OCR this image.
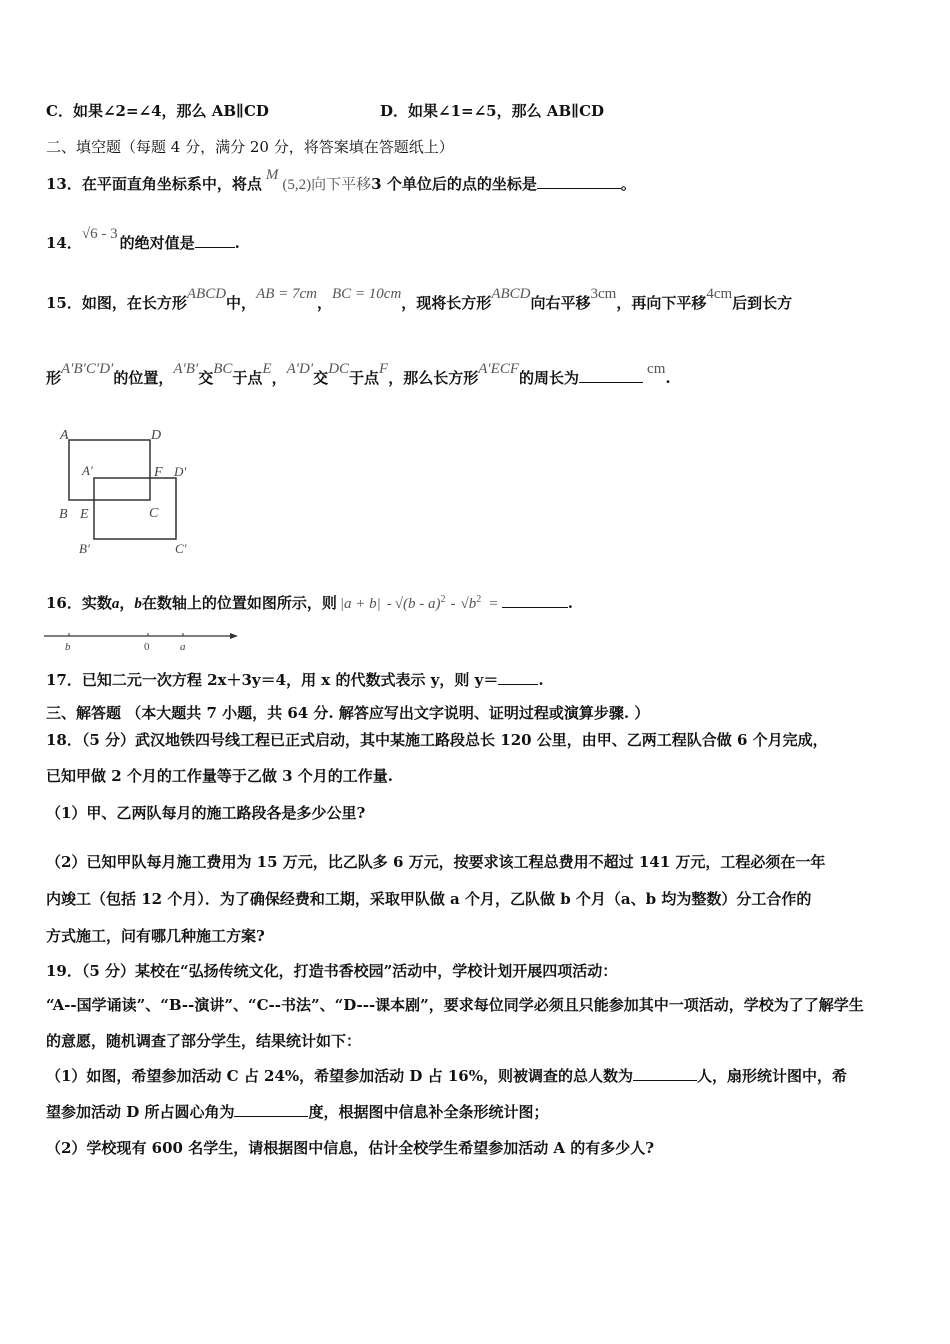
C．如果∠2=∠4，那么 AB∥CD	D．如果∠1=∠5，那么 AB∥CD
二、填空题（每题 4 分，满分 20 分，将答案填在答题纸上）
13．在平面直角坐标系中，将点 M(5,2)向下平移3 个单位后的点的坐标是	。
14．√6 - 3 的绝对值是	.
15．如图，在长方形ABCD中，AB = 7cm，BC = 10cm，现将长方形ABCD向右平移3cm，再向下平移4cm后到长方
形A′B′C′D′的位置，A′B′交BC于点E，A′D′交DC于点F，那么长方形A′ECF的周长为	cm.
A	D
A′	F D′
B E	C
B′	C′
16．实数a，b在数轴上的位置如图所示，则 $|a + b| - √(b - a)^2 - √b^2$ =	.
b	0	a
17．已知二元一次方程 2x＋3y＝4，用 x 的代数式表示 y，则 y＝	.
三、解答题 （本大题共 7 小题，共 64 分. 解答应写出文字说明、证明过程或演算步骤. ）
18．（5 分）武汉地铁四号线工程已正式启动，其中某施工路段总长 120 公里，由甲、乙两工程队合做 6 个月完成，
已知甲做 2 个月的工作量等于乙做 3 个月的工作量.
（1）甲、乙两队每月的施工路段各是多少公里?
（2）已知甲队每月施工费用为 15 万元，比乙队多 6 万元，按要求该工程总费用不超过 141 万元，工程必须在一年
内竣工（包括 12 个月）．为了确保经费和工期，采取甲队做 a 个月，乙队做 b 个月（a、b 均为整数）分工合作的
方式施工，问有哪几种施工方案?
19．（5 分）某校在“弘扬传统文化，打造书香校园”活动中，学校计划开展四项活动：
“A--国学诵读”、“B--演讲”、“C--书法”、“D---课本剧”，要求每位同学必须且只能参加其中一项活动，学校为了了解学生
的意愿，随机调查了部分学生，结果统计如下：
（1）如图，希望参加活动 C 占 24%，希望参加活动 D 占 16%，则被调查的总人数为	人，扇形统计图中，希
望参加活动 D 所占圆心角为	度，根据图中信息补全条形统计图；
（2）学校现有 600 名学生，请根据图中信息，估计全校学生希望参加活动 A 的有多少人?
